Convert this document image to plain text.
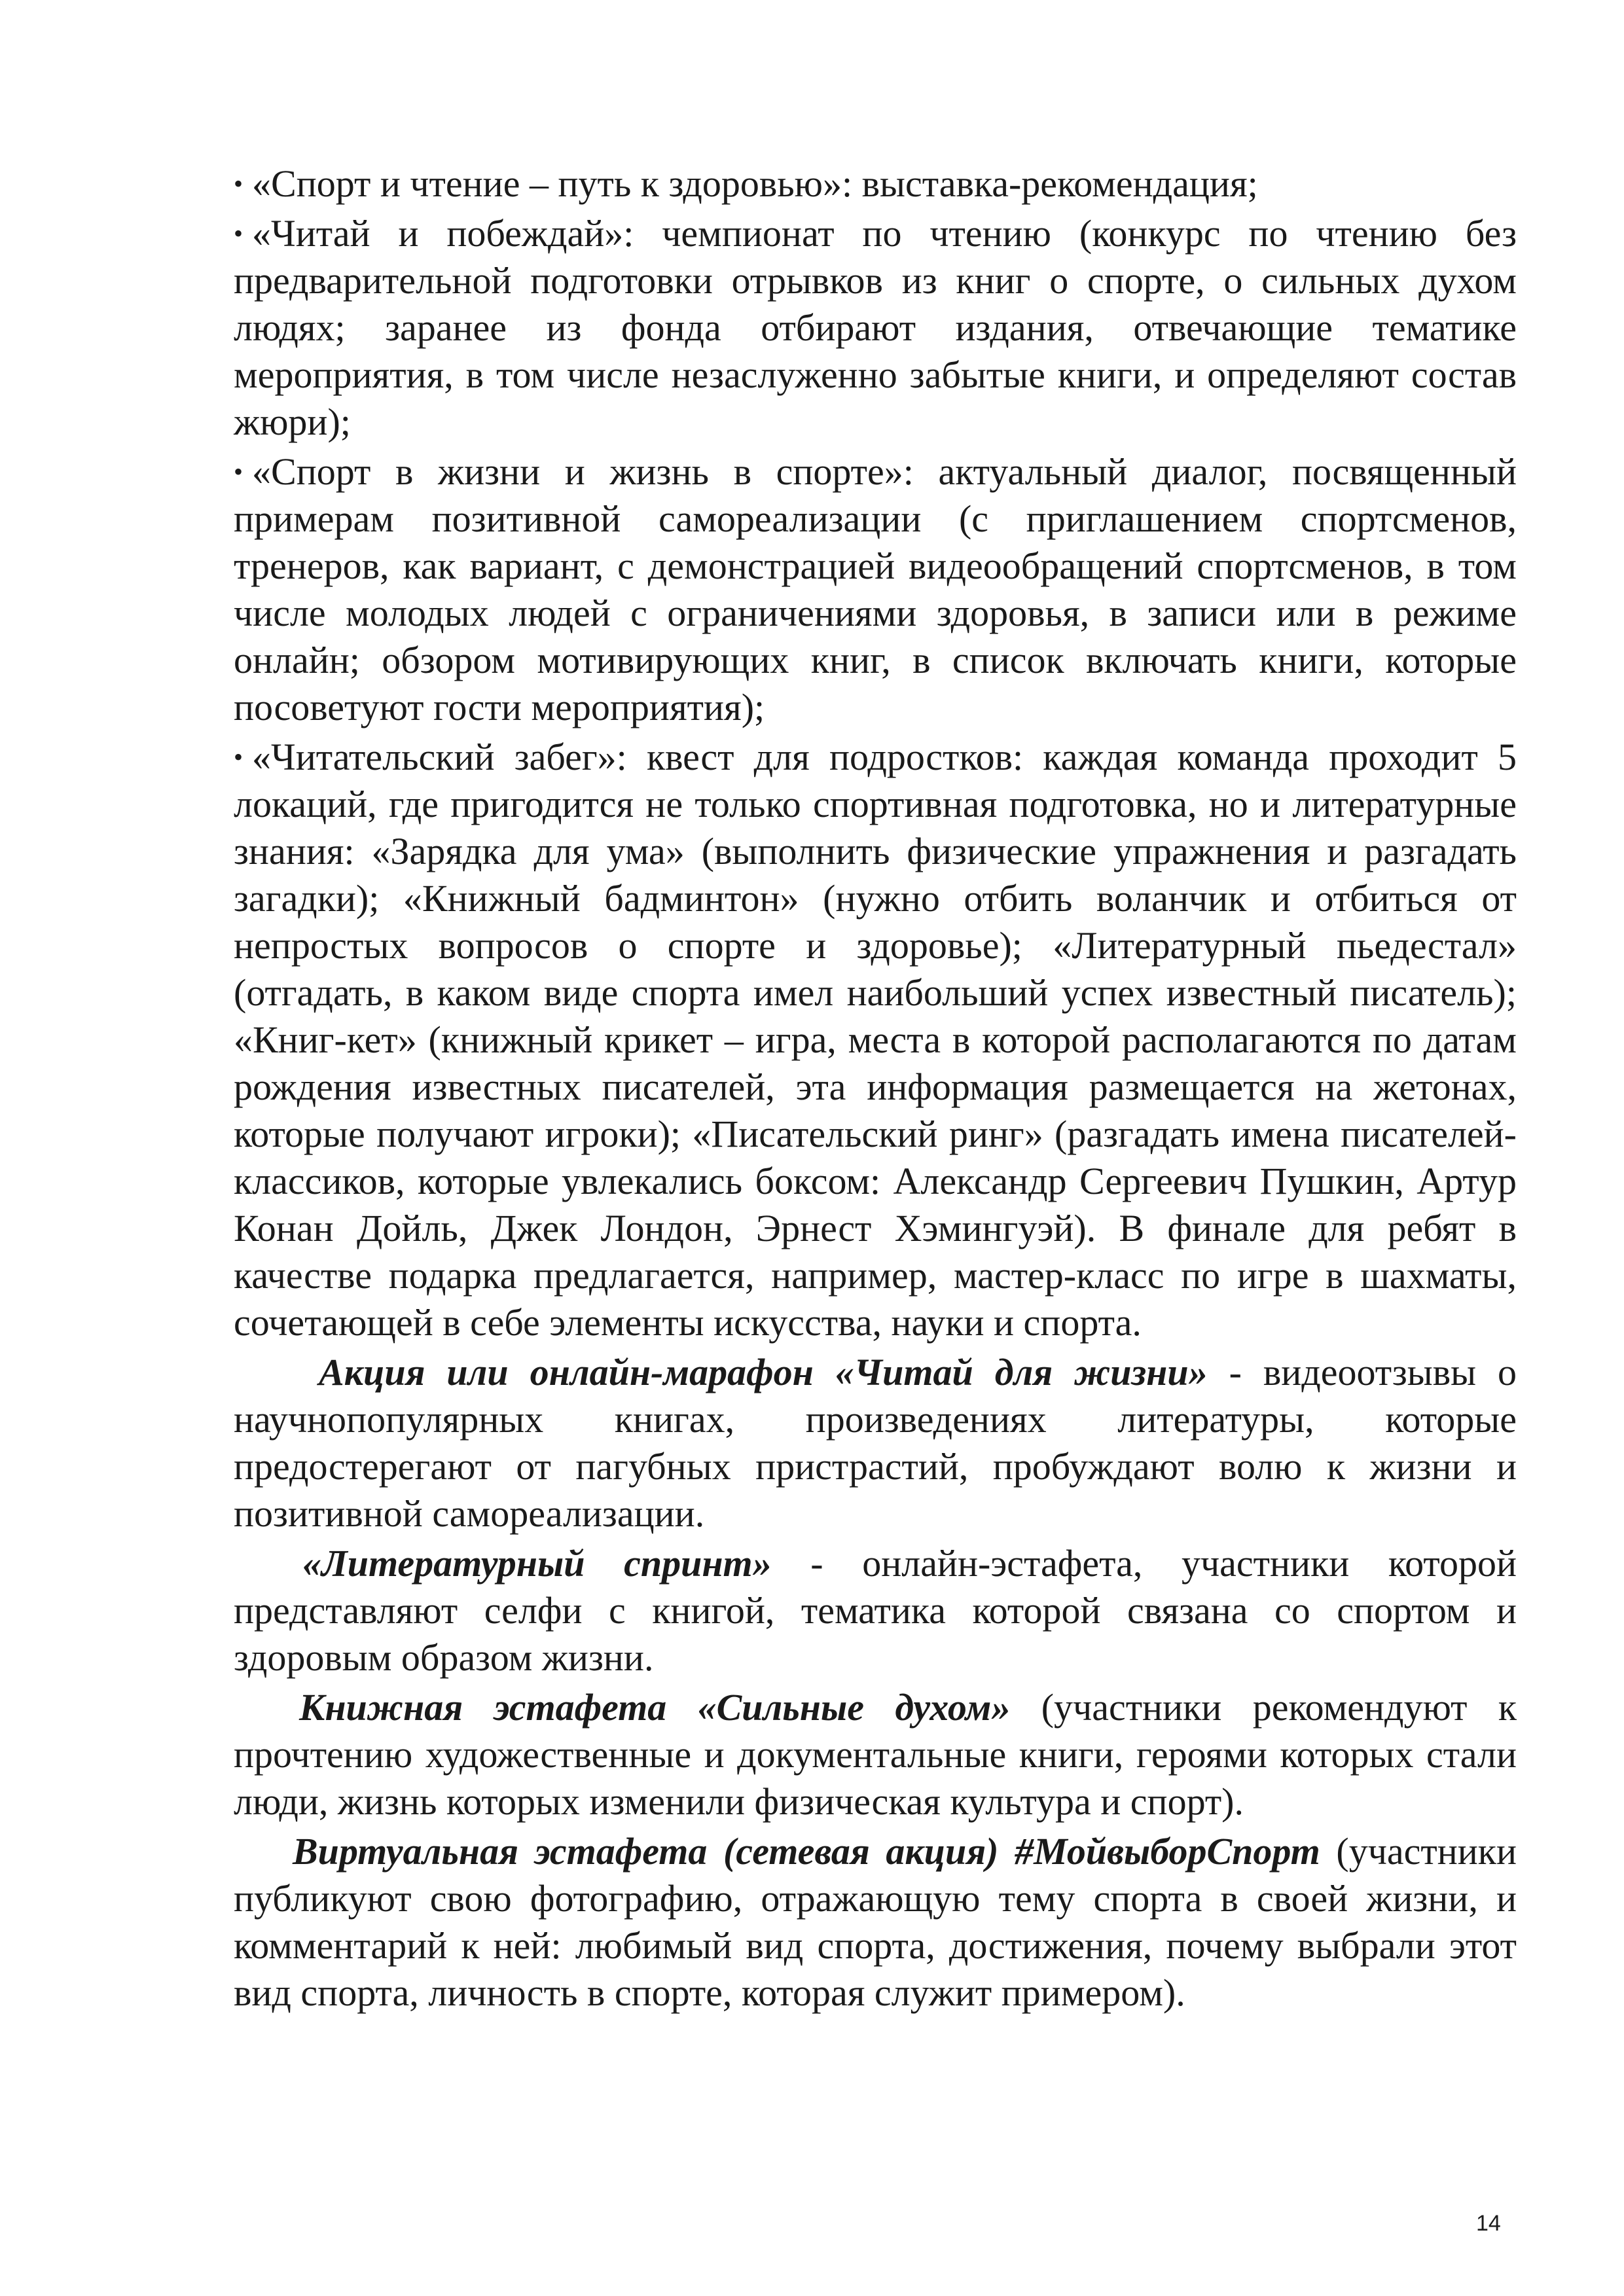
• «Спорт и чтение – путь к здоровью»: выставка-рекомендация;

• «Читай и побеждай»: чемпионат по чтению (конкурс по чтению без предварительной подготовки отрывков из книг о спорте, о сильных духом людях; заранее из фонда отбирают издания, отвечающие тематике мероприятия, в том числе незаслуженно забытые книги, и определяют состав жюри);

• «Спорт в жизни и жизнь в спорте»: актуальный диалог, посвященный примерам позитивной самореализации (с приглашением спортсменов, тренеров, как вариант, с демонстрацией видеообращений спортсменов, в том числе молодых людей с ограничениями здоровья, в записи или в режиме онлайн; обзором мотивирующих книг, в список включать книги, которые посоветуют гости мероприятия);

• «Читательский забег»: квест для подростков: каждая команда проходит 5 локаций, где пригодится не только спортивная подготовка, но и литературные знания: «Зарядка для ума» (выполнить физические упражнения и разгадать загадки); «Книжный бадминтон» (нужно отбить воланчик и отбиться от непростых вопросов о спорте и здоровье); «Литературный пьедестал» (отгадать, в каком виде спорта имел наибольший успех известный писатель); «Книг-кет» (книжный крикет – игра, места в которой располагаются по датам рождения известных писателей, эта информация размещается на жетонах, которые получают игроки); «Писательский ринг» (разгадать имена писателей-классиков, которые увлекались боксом: Александр Сергеевич Пушкин, Артур Конан Дойль, Джек Лондон, Эрнест Хэмингуэй). В финале для ребят в качестве подарка предлагается, например, мастер-класс по игре в шахматы, сочетающей в себе элементы искусства, науки и спорта.

Акция или онлайн-марафон «Читай для жизни» - видеоотзывы о научнопопулярных книгах, произведениях литературы, которые предостерегают от пагубных пристрастий, пробуждают волю к жизни и позитивной самореализации.

«Литературный спринт» - онлайн-эстафета, участники которой представляют селфи с книгой, тематика которой связана со спортом и здоровым образом жизни.

Книжная эстафета «Сильные духом» (участники рекомендуют к прочтению художественные и документальные книги, героями которых стали люди, жизнь которых изменили физическая культура и спорт).

Виртуальная эстафета (сетевая акция) #МойвыборСпорт (участники публикуют свою фотографию, отражающую тему спорта в своей жизни, и комментарий к ней: любимый вид спорта, достижения, почему выбрали этот вид спорта, личность в спорте, которая служит примером).

14
